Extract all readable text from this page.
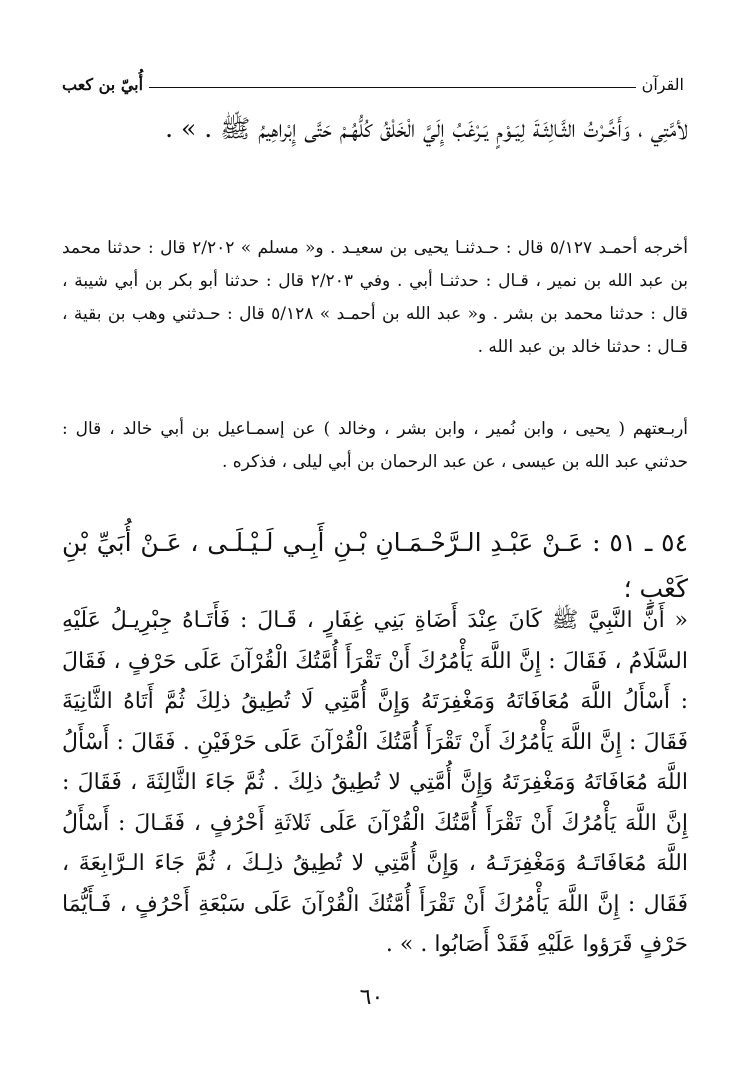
القرآن
أُبيّ بن كعب

لأمَّتِي ، وَأَخَّـرْتُ الثَّـالِثَـةَ لِيَـوْمٍ يَـرْغَبُ إِلَيَّ الْخَلْقُ كُلُّهُـمْ حَتَّى إِبْراهِيمُ ﷺ . » .

أخرجه أحمـد ٥/١٢٧ قال : حـدثنـا يحيى بن سعيـد . و« مسلم » ٢/٢٠٢ قال : حدثنا محمد بن عبد الله بن نمير ، قـال : حدثنـا أبي . وفي ٢/٢٠٣ قال : حدثنا أبو بكر بن أبي شيبة ، قال : حدثنا محمد بن بشر . و« عبد الله بن أحمـد » ٥/١٢٨ قال : حـدثني وهب بن بقية ، قـال : حدثنا خالد بن عبد الله .

أربـعتهم ( يحيى ، وابن نُمير ، وابن بشر ، وخالد ) عن إسمـاعيل بن أبي خالد ، قال : حدثني عبد الله بن عيسى ، عن عبد الرحمان بن أبي ليلى ، فذكره .

٥٤ ـ ٥١ : عَـنْ عَبْـدِ الـرَّحْـمَـانِ بْـنِ أَبِـي لَـيْـلَـى ، عَـنْ أُبَيِّ بْنِ كَعْبٍ ؛

« أَنَّ النَّبِيَّ ﷺ كَانَ عِنْدَ أَضَاةِ بَنِي غِفَارٍ ، قَـالَ : فَأَتَـاهُ جِبْرِيـلُ عَلَيْهِ السَّلَامُ ، فَقَالَ : إِنَّ اللَّهَ يَأْمُرُكَ أَنْ تَقْرَأَ أُمَّتُكَ الْقُرْآنَ عَلَى حَرْفٍ ، فَقَالَ : أَسْأَلُ اللَّهَ مُعَافَاتَهُ وَمَغْفِرَتَهُ وَإِنَّ أُمَّتِي لَا تُطِيقُ ذلِكَ ثُمَّ أَتَاهُ الثَّانِيَةَ فَقَالَ : إِنَّ اللَّهَ يَأْمُرُكَ أَنْ تَقْرَأَ أُمَّتُكَ الْقُرْآنَ عَلَى حَرْفَيْنِ . فَقَالَ : أَسْأَلُ اللَّهَ مُعَافَاتَهُ وَمَغْفِرَتَهُ وَإِنَّ أُمَّتِي لا تُطِيقُ ذلِكَ . ثُمَّ جَاءَ الثَّالِثَةَ ، فَقَالَ : إِنَّ اللَّهَ يَأْمُرُكَ أَنْ تَقْرَأَ أُمَّتُكَ الْقُرْآنَ عَلَى ثَلاثَةِ أَحْرُفٍ ، فَقَـالَ : أَسْأَلُ اللَّهَ مُعَافَاتَـهُ وَمَغْفِرَتَـهُ ، وَإِنَّ أُمَّتِي لا تُطِيقُ ذلِـكَ ، ثُمَّ جَاءَ الـرَّابِعَةَ ، فَقَال : إِنَّ اللَّهَ يَأْمُرُكَ أَنْ تَقْرَأَ أُمَّتُكَ الْقُرْآنَ عَلَى سَبْعَةِ أَحْرُفٍ ، فَـأَيُّمَا حَرْفٍ قَرَؤوا عَلَيْهِ فَقَدْ أَصَابُوا . » .

٦٠
